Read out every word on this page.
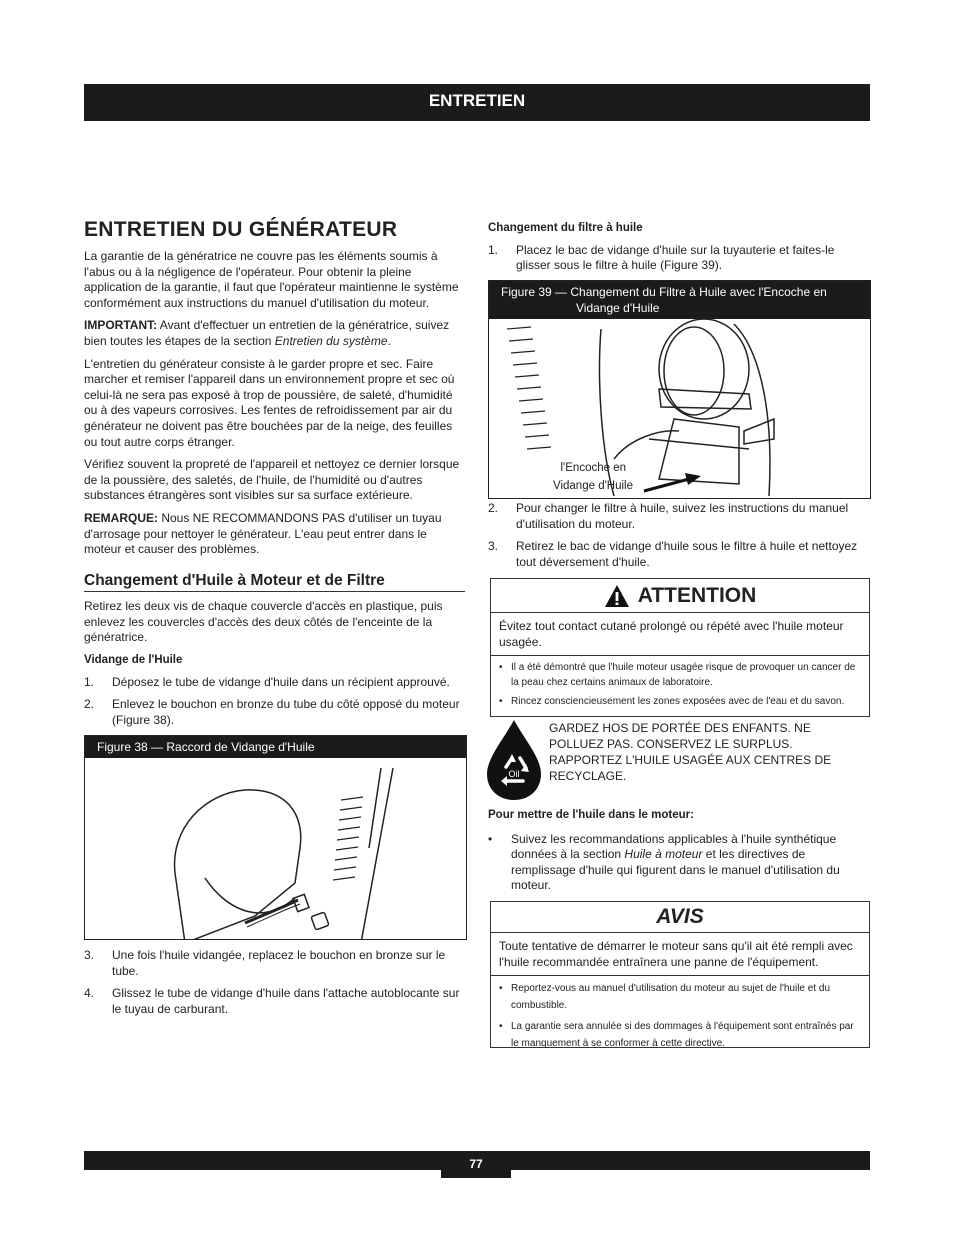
ENTRETIEN
ENTRETIEN DU GÉNÉRATEUR

La garantie de la génératrice ne couvre pas les éléments soumis à l'abus ou à la négligence de l'opérateur. Pour obtenir la pleine application de la garantie, il faut que l'opérateur maintienne le système conformément aux instructions du manuel d'utilisation du moteur.

IMPORTANT: Avant d'effectuer un entretien de la génératrice, suivez bien toutes les étapes de la section Entretien du système.

L'entretien du générateur consiste à le garder propre et sec. Faire marcher et remiser l'appareil dans un environnement propre et sec où celui-là ne sera pas exposé à trop de poussière, de saleté, d'humidité ou à des vapeurs corrosives. Les fentes de refroidissement par air du générateur ne doivent pas être bouchées par de la neige, des feuilles ou tout autre corps étranger.

Vérifiez souvent la propreté de l'appareil et nettoyez ce dernier lorsque de la poussière, des saletés, de l'huile, de l'humidité ou d'autres substances étrangères sont visibles sur sa surface extérieure.

REMARQUE: Nous NE RECOMMANDONS PAS d'utiliser un tuyau d'arrosage pour nettoyer le générateur. L'eau peut entrer dans le moteur et causer des problèmes.

Changement d'Huile à Moteur et de Filtre

Retirez les deux vis de chaque couvercle d'accès en plastique, puis enlevez les couvercles d'accès des deux côtés de l'enceinte de la génératrice.

Vidange de l'Huile
1. Déposez le tube de vidange d'huile dans un récipient approuvé.
2. Enlevez le bouchon en bronze du tube du côté opposé du moteur (Figure 38).
Figure 38 — Raccord de Vidange d'Huile
3. Une fois l'huile vidangée, replacez le bouchon en bronze sur le tube.
4. Glissez le tube de vidange d'huile dans l'attache autoblocante sur le tuyau de carburant.
Changement du filtre à huile
1. Placez le bac de vidange d'huile sur la tuyauterie et faites-le glisser sous le filtre à huile (Figure 39).
Figure 39 — Changement du Filtre à Huile avec l'Encoche en
Vidange d'Huile
l'Encoche en
Vidange d'Huile
2. Pour changer le filtre à huile, suivez les instructions du manuel d'utilisation du moteur.
3. Retirez le bac de vidange d'huile sous le filtre à huile et nettoyez tout déversement d'huile.
ATTENTION
Évitez tout contact cutané prolongé ou répété avec l'huile moteur usagée.
• Il a été démontré que l'huile moteur usagée risque de provoquer un cancer de la peau chez certains animaux de laboratoire.
• Rincez consciencieusement les zones exposées avec de l'eau et du savon.
Oil
GARDEZ HOS DE PORTÉE DES ENFANTS. NE POLLUEZ PAS. CONSERVEZ LE SURPLUS. RAPPORTEZ L'HUILE USAGÉE AUX CENTRES DE RECYCLAGE.
Pour mettre de l'huile dans le moteur:
• Suivez les recommandations applicables à l'huile synthétique données à la section Huile à moteur et les directives de remplissage d'huile qui figurent dans le manuel d'utilisation du moteur.
AVIS
Toute tentative de démarrer le moteur sans qu'il ait été rempli avec l'huile recommandée entraînera une panne de l'équipement.
• Reportez-vous au manuel d'utilisation du moteur au sujet de l'huile et du combustible.
• La garantie sera annulée si des dommages à l'équipement sont entraînés par le manquement à se conformer à cette directive.
77
